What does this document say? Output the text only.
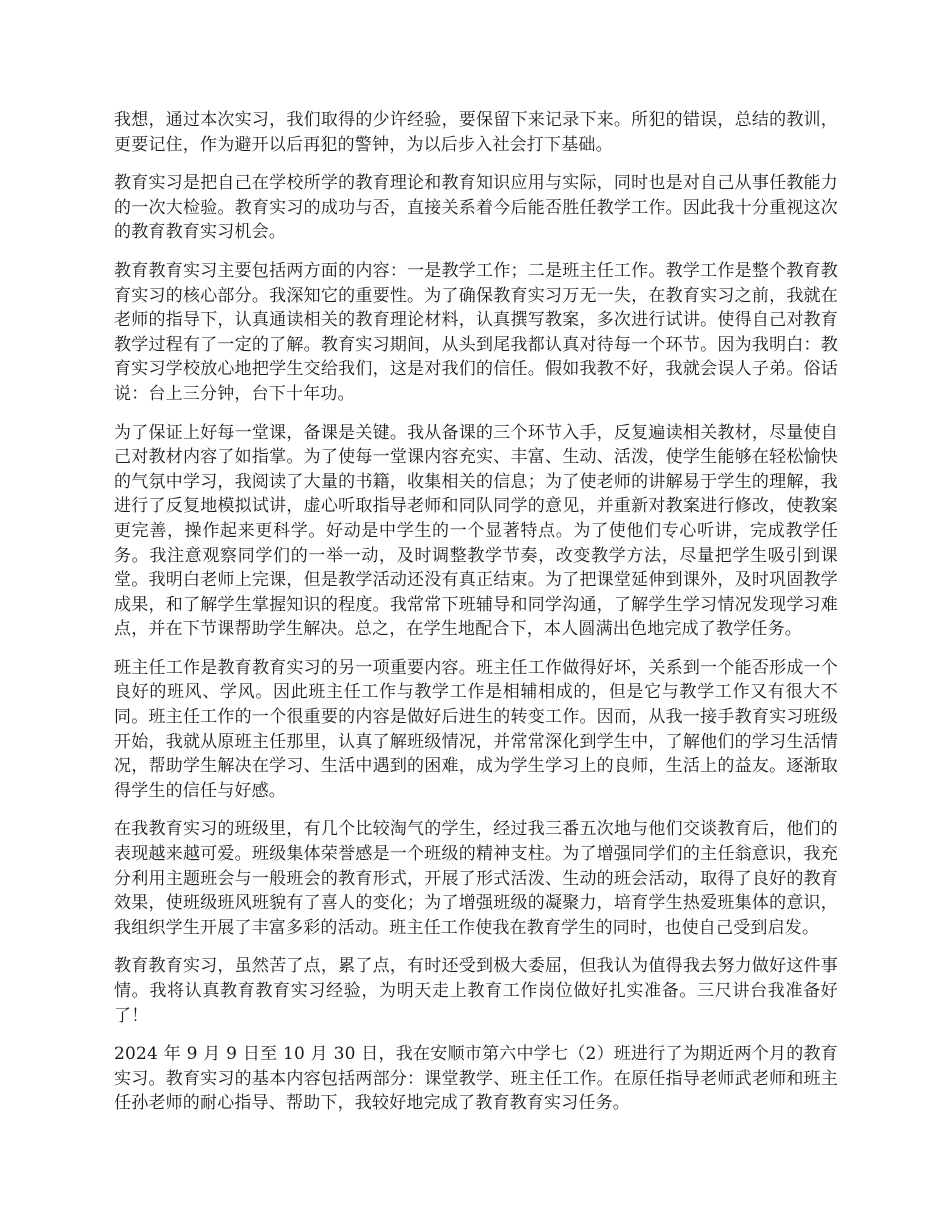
我想，通过本次实习，我们取得的少许经验，要保留下来记录下来。所犯的错误，总结的教训，更要记住，作为避开以后再犯的警钟，为以后步入社会打下基础。

教育实习是把自己在学校所学的教育理论和教育知识应用与实际，同时也是对自己从事任教能力的一次大检验。教育实习的成功与否，直接关系着今后能否胜任教学工作。因此我十分重视这次的教育教育实习机会。

教育教育实习主要包括两方面的内容：一是教学工作；二是班主任工作。教学工作是整个教育教育实习的核心部分。我深知它的重要性。为了确保教育实习万无一失，在教育实习之前，我就在老师的指导下，认真通读相关的教育理论材料，认真撰写教案，多次进行试讲。使得自己对教育教学过程有了一定的了解。教育实习期间，从头到尾我都认真对待每一个环节。因为我明白：教育实习学校放心地把学生交给我们，这是对我们的信任。假如我教不好，我就会误人子弟。俗话说：台上三分钟，台下十年功。

为了保证上好每一堂课，备课是关键。我从备课的三个环节入手，反复遍读相关教材，尽量使自己对教材内容了如指掌。为了使每一堂课内容充实、丰富、生动、活泼，使学生能够在轻松愉快的气氛中学习，我阅读了大量的书籍，收集相关的信息；为了使老师的讲解易于学生的理解，我进行了反复地模拟试讲，虚心听取指导老师和同队同学的意见，并重新对教案进行修改，使教案更完善，操作起来更科学。好动是中学生的一个显著特点。为了使他们专心听讲，完成教学任务。我注意观察同学们的一举一动，及时调整教学节奏，改变教学方法，尽量把学生吸引到课堂。我明白老师上完课，但是教学活动还没有真正结束。为了把课堂延伸到课外，及时巩固教学成果，和了解学生掌握知识的程度。我常常下班辅导和同学沟通，了解学生学习情况发现学习难点，并在下节课帮助学生解决。总之，在学生地配合下，本人圆满出色地完成了教学任务。

班主任工作是教育教育实习的另一项重要内容。班主任工作做得好坏，关系到一个能否形成一个良好的班风、学风。因此班主任工作与教学工作是相辅相成的，但是它与教学工作又有很大不同。班主任工作的一个很重要的内容是做好后进生的转变工作。因而，从我一接手教育实习班级开始，我就从原班主任那里，认真了解班级情况，并常常深化到学生中，了解他们的学习生活情况，帮助学生解决在学习、生活中遇到的困难，成为学生学习上的良师，生活上的益友。逐渐取得学生的信任与好感。

在我教育实习的班级里，有几个比较淘气的学生，经过我三番五次地与他们交谈教育后，他们的表现越来越可爱。班级集体荣誉感是一个班级的精神支柱。为了增强同学们的主任翁意识，我充分利用主题班会与一般班会的教育形式，开展了形式活泼、生动的班会活动，取得了良好的教育效果，使班级班风班貌有了喜人的变化；为了增强班级的凝聚力，培育学生热爱班集体的意识，我组织学生开展了丰富多彩的活动。班主任工作使我在教育学生的同时，也使自己受到启发。

教育教育实习，虽然苦了点，累了点，有时还受到极大委屈，但我认为值得我去努力做好这件事情。我将认真教育教育实习经验，为明天走上教育工作岗位做好扎实准备。三尺讲台我准备好了！

2024 年 9 月 9 日至 10 月 30 日，我在安顺市第六中学七（2）班进行了为期近两个月的教育实习。教育实习的基本内容包括两部分：课堂教学、班主任工作。在原任指导老师武老师和班主任孙老师的耐心指导、帮助下，我较好地完成了教育教育实习任务。
